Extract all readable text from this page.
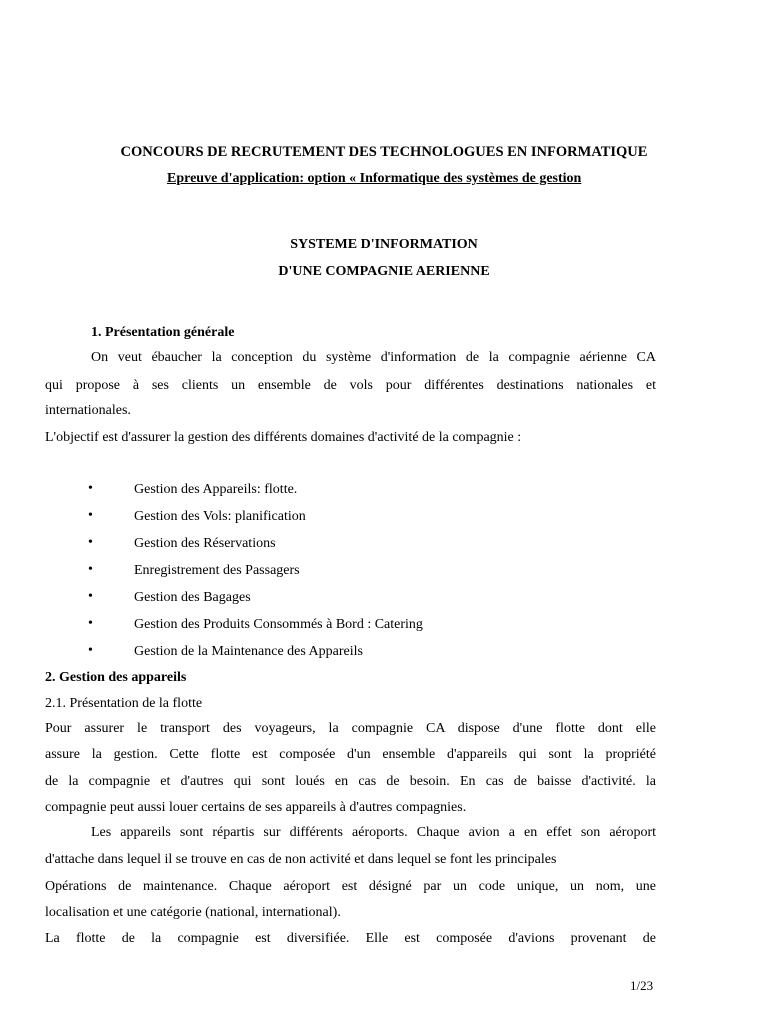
CONCOURS DE RECRUTEMENT DES TECHNOLOGUES EN INFORMATIQUE

Epreuve d'application: option « Informatique des systèmes de gestion

SYSTEME D'INFORMATION

D'UNE COMPAGNIE AERIENNE

1. Présentation générale

On veut ébaucher la conception du système d'information de la compagnie aérienne CA

qui propose à ses clients un ensemble de vols pour différentes destinations nationales et

internationales.

L'objectif est d'assurer la gestion des différents domaines d'activité de la compagnie :

•	Gestion des Appareils: flotte.
•	Gestion des Vols: planification
•	Gestion des Réservations
•	Enregistrement des Passagers
•	Gestion des Bagages
•	Gestion des Produits Consommés à Bord : Catering
•	Gestion de la Maintenance des Appareils

2. Gestion des appareils

2.1. Présentation de la flotte

Pour assurer le transport des voyageurs, la compagnie CA dispose d'une flotte dont elle

assure la gestion. Cette flotte est composée d'un ensemble d'appareils qui sont la propriété

de la compagnie et d'autres qui sont loués en cas de besoin. En cas de baisse d'activité. la

compagnie peut aussi louer certains de ses appareils à d'autres compagnies.

Les appareils sont répartis sur différents aéroports. Chaque avion a en effet son aéroport

d'attache dans lequel il se trouve en cas de non activité et dans lequel se font les principales

Opérations de maintenance. Chaque aéroport est désigné par un code unique, un nom, une

localisation et une catégorie (national, international).

La flotte de la compagnie est diversifiée. Elle est composée d'avions provenant de

1/23
